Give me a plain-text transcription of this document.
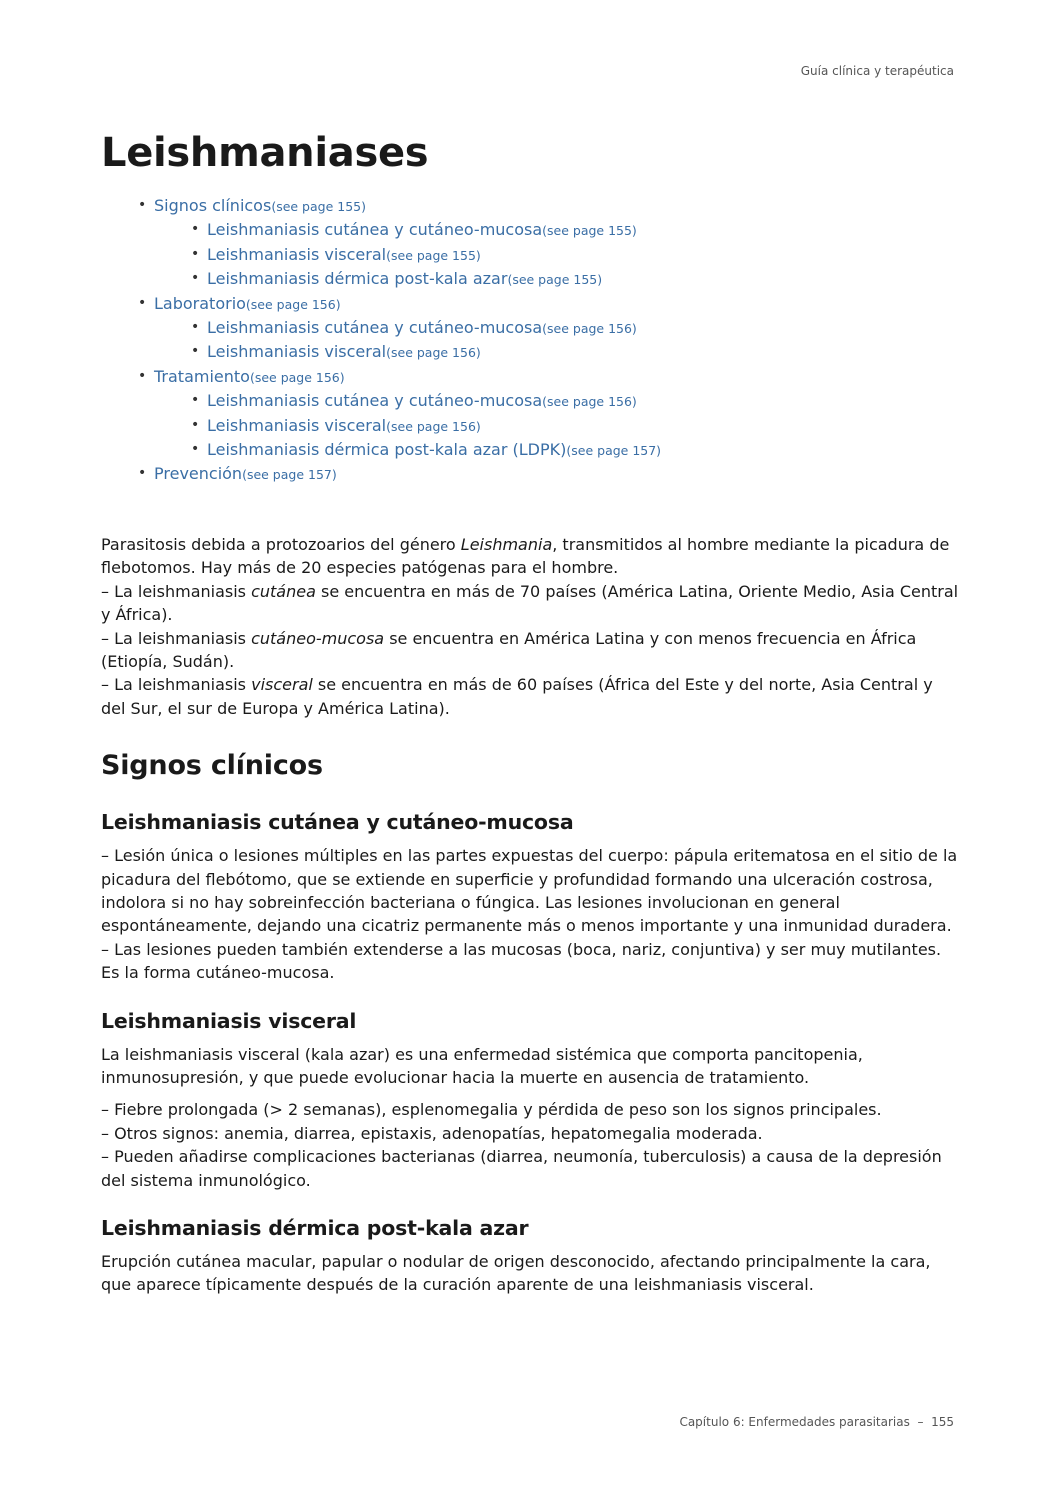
Guía clínica y terapéutica
Leishmaniases
• Signos clínicos(see page 155)
• Leishmaniasis cutánea y cutáneo-mucosa(see page 155)
• Leishmaniasis visceral(see page 155)
• Leishmaniasis dérmica post-kala azar(see page 155)
• Laboratorio(see page 156)
• Leishmaniasis cutánea y cutáneo-mucosa(see page 156)
• Leishmaniasis visceral(see page 156)
• Tratamiento(see page 156)
• Leishmaniasis cutánea y cutáneo-mucosa(see page 156)
• Leishmaniasis visceral(see page 156)
• Leishmaniasis dérmica post-kala azar (LDPK)(see page 157)
• Prevención(see page 157)

Parasitosis debida a protozoarios del género Leishmania, transmitidos al hombre mediante la picadura de flebotomos. Hay más de 20 especies patógenas para el hombre.

– La leishmaniasis cutánea se encuentra en más de 70 países (América Latina, Oriente Medio, Asia Central y África).

– La leishmaniasis cutáneo-mucosa se encuentra en América Latina y con menos frecuencia en África (Etiopía, Sudán).

– La leishmaniasis visceral se encuentra en más de 60 países (África del Este y del norte, Asia Central y del Sur, el sur de Europa y América Latina).

Signos clínicos
Leishmaniasis cutánea y cutáneo-mucosa

– Lesión única o lesiones múltiples en las partes expuestas del cuerpo: pápula eritematosa en el sitio de la picadura del flebótomo, que se extiende en superficie y profundidad formando una ulceración costrosa, indolora si no hay sobreinfección bacteriana o fúngica. Las lesiones involucionan en general espontáneamente, dejando una cicatriz permanente más o menos importante y una inmunidad duradera.

– Las lesiones pueden también extenderse a las mucosas (boca, nariz, conjuntiva) y ser muy mutilantes. Es la forma cutáneo-mucosa.

Leishmaniasis visceral

La leishmaniasis visceral (kala azar) es una enfermedad sistémica que comporta pancitopenia, inmunosupresión, y que puede evolucionar hacia la muerte en ausencia de tratamiento.

– Fiebre prolongada (> 2 semanas), esplenomegalia y pérdida de peso son los signos principales.

– Otros signos: anemia, diarrea, epistaxis, adenopatías, hepatomegalia moderada.

– Pueden añadirse complicaciones bacterianas (diarrea, neumonía, tuberculosis) a causa de la depresión del sistema inmunológico.

Leishmaniasis dérmica post-kala azar

Erupción cutánea macular, papular o nodular de origen desconocido, afectando principalmente la cara, que aparece típicamente después de la curación aparente de una leishmaniasis visceral.

Capítulo 6: Enfermedades parasitarias  –  155
